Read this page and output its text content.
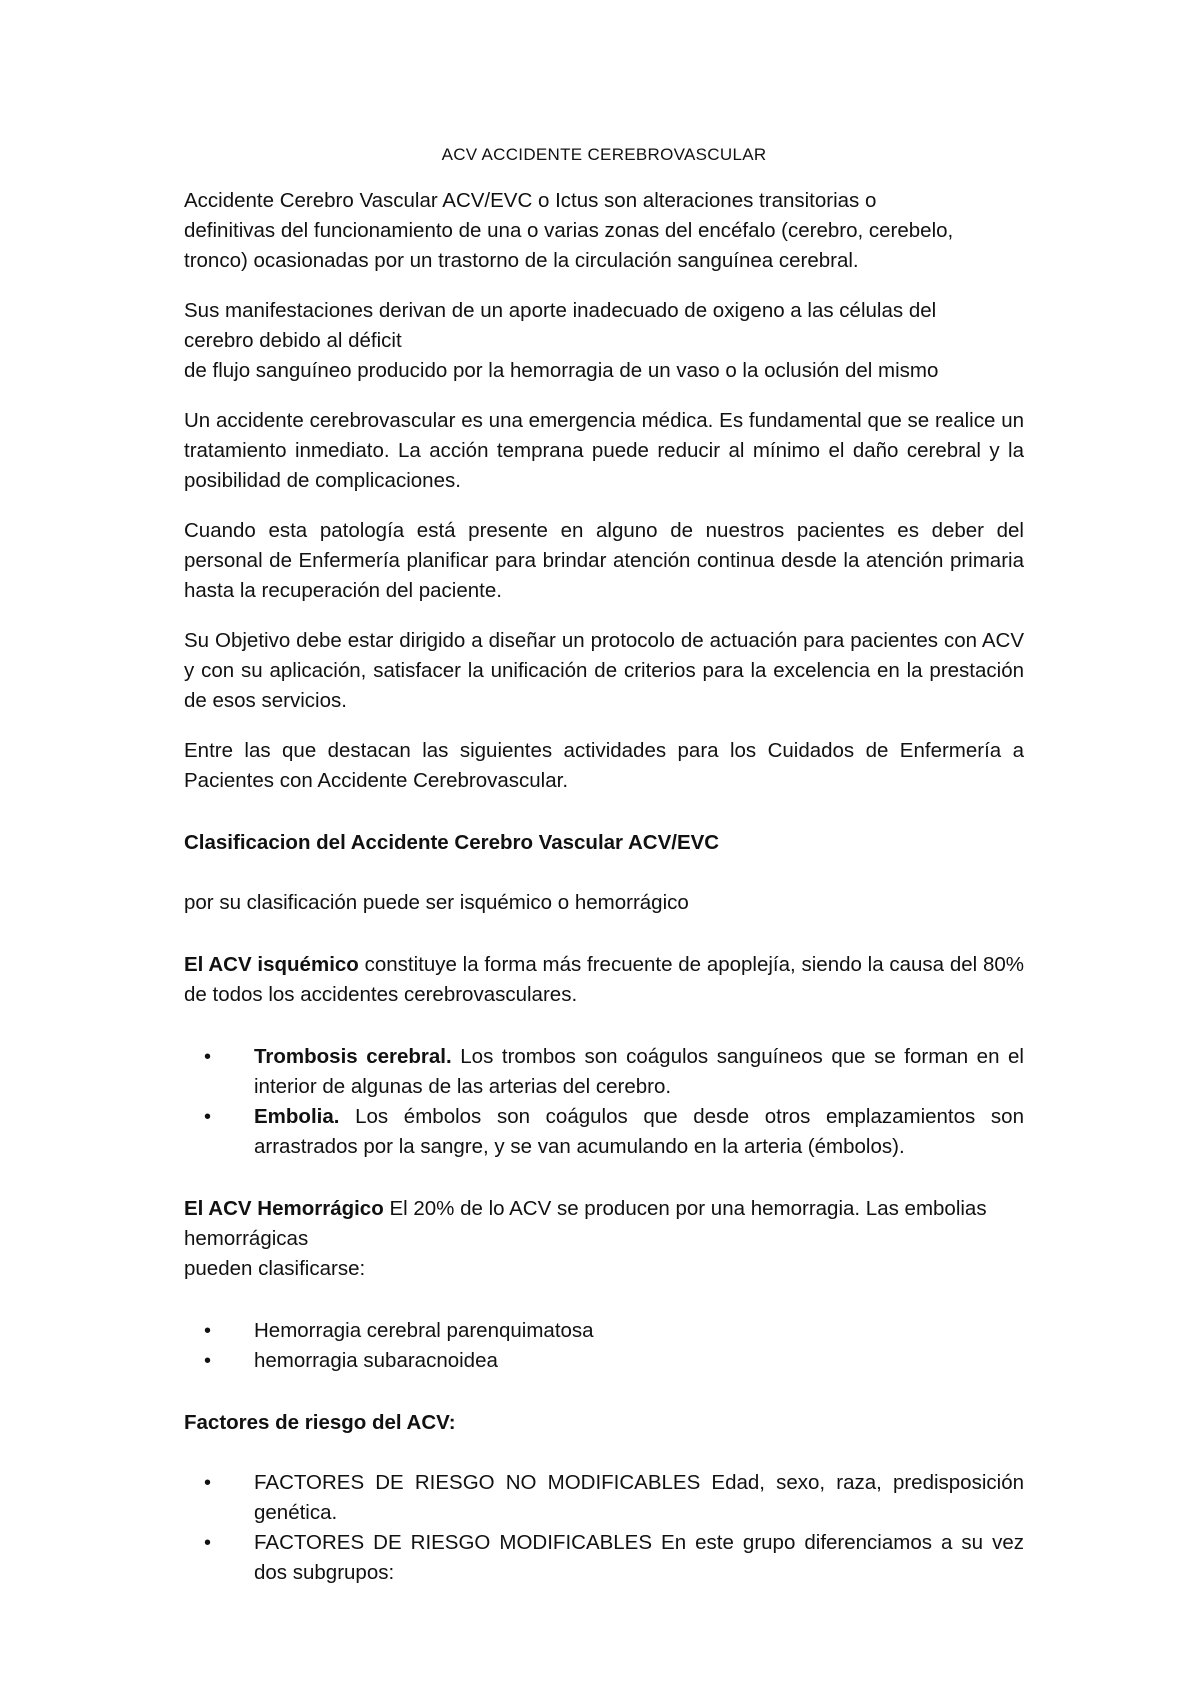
ACV ACCIDENTE CEREBROVASCULAR
Accidente Cerebro Vascular ACV/EVC o Ictus son alteraciones transitorias o
definitivas del funcionamiento de una o varias zonas del encéfalo (cerebro, cerebelo,
tronco) ocasionadas por un trastorno de la circulación sanguínea cerebral.
Sus manifestaciones derivan de un aporte inadecuado de oxigeno a las células del
cerebro debido al déficit
de flujo sanguíneo producido por la hemorragia de un vaso o la oclusión del mismo
Un accidente cerebrovascular es una emergencia médica. Es fundamental que se realice un tratamiento inmediato. La acción temprana puede reducir al mínimo el daño cerebral y la posibilidad de complicaciones.
Cuando esta patología está presente en alguno de nuestros pacientes es deber del personal de Enfermería planificar para brindar atención continua desde la atención primaria hasta la recuperación del paciente.
Su Objetivo debe estar dirigido a diseñar un protocolo de actuación para pacientes con ACV y con su aplicación, satisfacer la unificación de criterios para la excelencia en la prestación de esos servicios.
Entre las que destacan las siguientes actividades para los Cuidados de Enfermería a Pacientes con Accidente Cerebrovascular.
Clasificacion del Accidente Cerebro Vascular ACV/EVC
por su clasificación puede ser isquémico o hemorrágico
El ACV isquémico constituye la forma más frecuente de apoplejía, siendo la causa del 80% de todos los accidentes cerebrovasculares.
• Trombosis cerebral. Los trombos son coágulos sanguíneos que se forman en el interior de algunas de las arterias del cerebro.
• Embolia. Los émbolos son coágulos que desde otros emplazamientos son arrastrados por la sangre, y se van acumulando en la arteria (émbolos).
El ACV Hemorrágico El 20% de lo ACV se producen por una hemorragia. Las embolias
hemorrágicas
pueden clasificarse:
• Hemorragia cerebral parenquimatosa
• hemorragia subaracnoidea
Factores de riesgo del ACV:
• FACTORES DE RIESGO NO MODIFICABLES Edad, sexo, raza, predisposición genética.
• FACTORES DE RIESGO MODIFICABLES En este grupo diferenciamos a su vez dos subgrupos:
